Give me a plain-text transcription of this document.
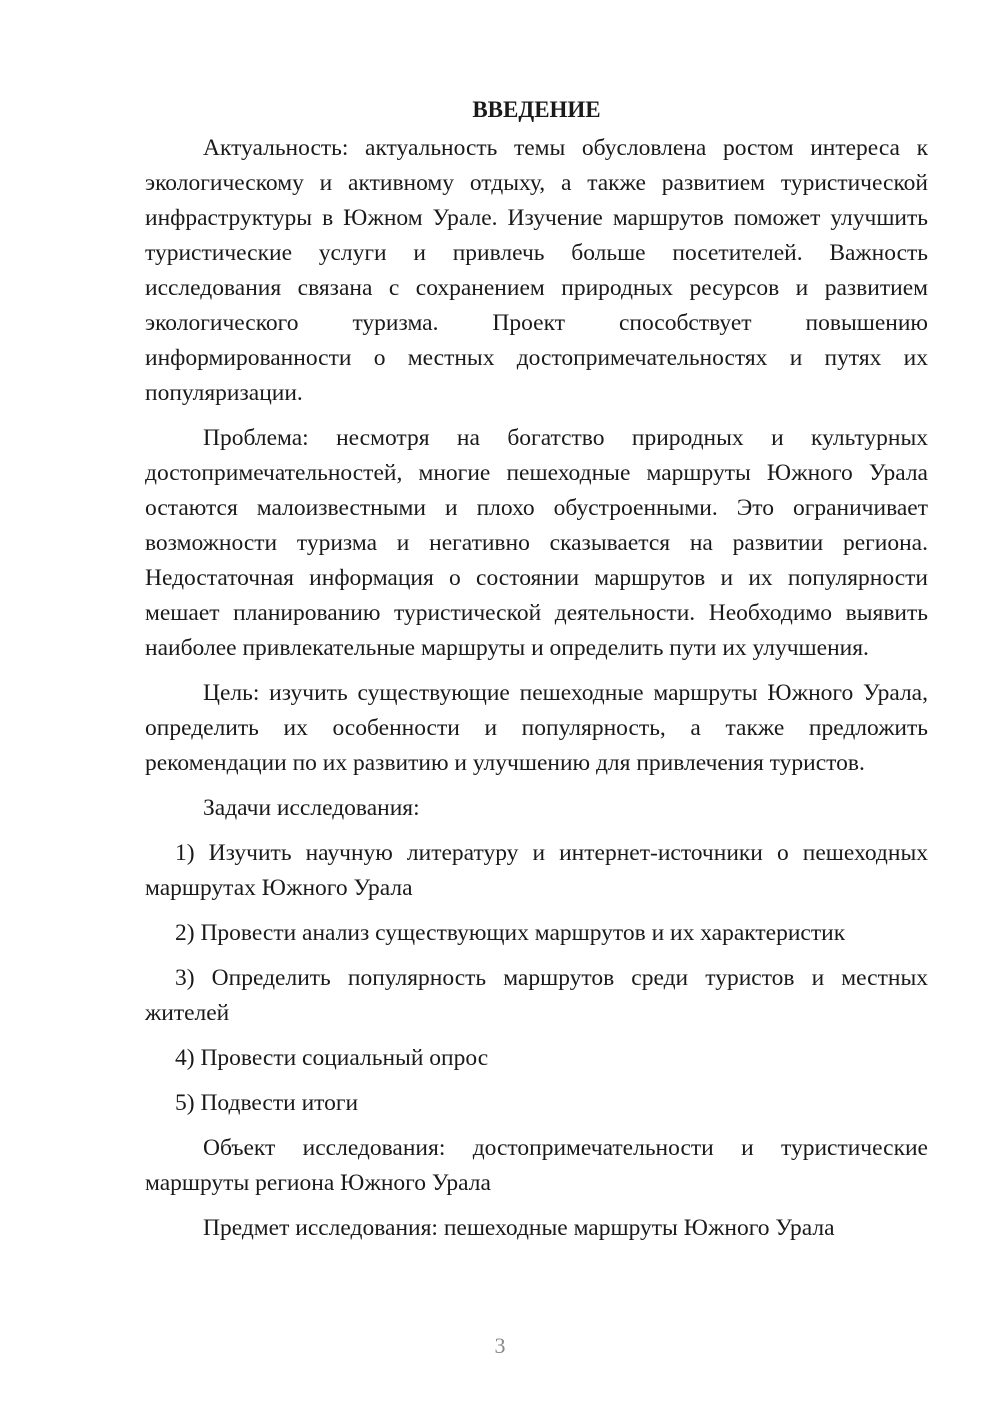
ВВЕДЕНИЕ

Актуальность: актуальность темы обусловлена ростом интереса к экологическому и активному отдыху, а также развитием туристической инфраструктуры в Южном Урале. Изучение маршрутов поможет улучшить туристические услуги и привлечь больше посетителей. Важность исследования связана с сохранением природных ресурсов и развитием экологического туризма. Проект способствует повышению информированности о местных достопримечательностях и путях их популяризации.

Проблема: несмотря на богатство природных и культурных достопримечательностей, многие пешеходные маршруты Южного Урала остаются малоизвестными и плохо обустроенными. Это ограничивает возможности туризма и негативно сказывается на развитии региона. Недостаточная информация о состоянии маршрутов и их популярности мешает планированию туристической деятельности. Необходимо выявить наиболее привлекательные маршруты и определить пути их улучшения.

Цель: изучить существующие пешеходные маршруты Южного Урала, определить их особенности и популярность, а также предложить рекомендации по их развитию и улучшению для привлечения туристов.

Задачи исследования:

1) Изучить научную литературу и интернет-источники о пешеходных маршрутах Южного Урала

2) Провести анализ существующих маршрутов и их характеристик

3) Определить популярность маршрутов среди туристов и местных жителей

4) Провести социальный опрос

5) Подвести итоги

Объект исследования: достопримечательности и туристические маршруты региона Южного Урала

Предмет исследования: пешеходные маршруты Южного Урала

3
